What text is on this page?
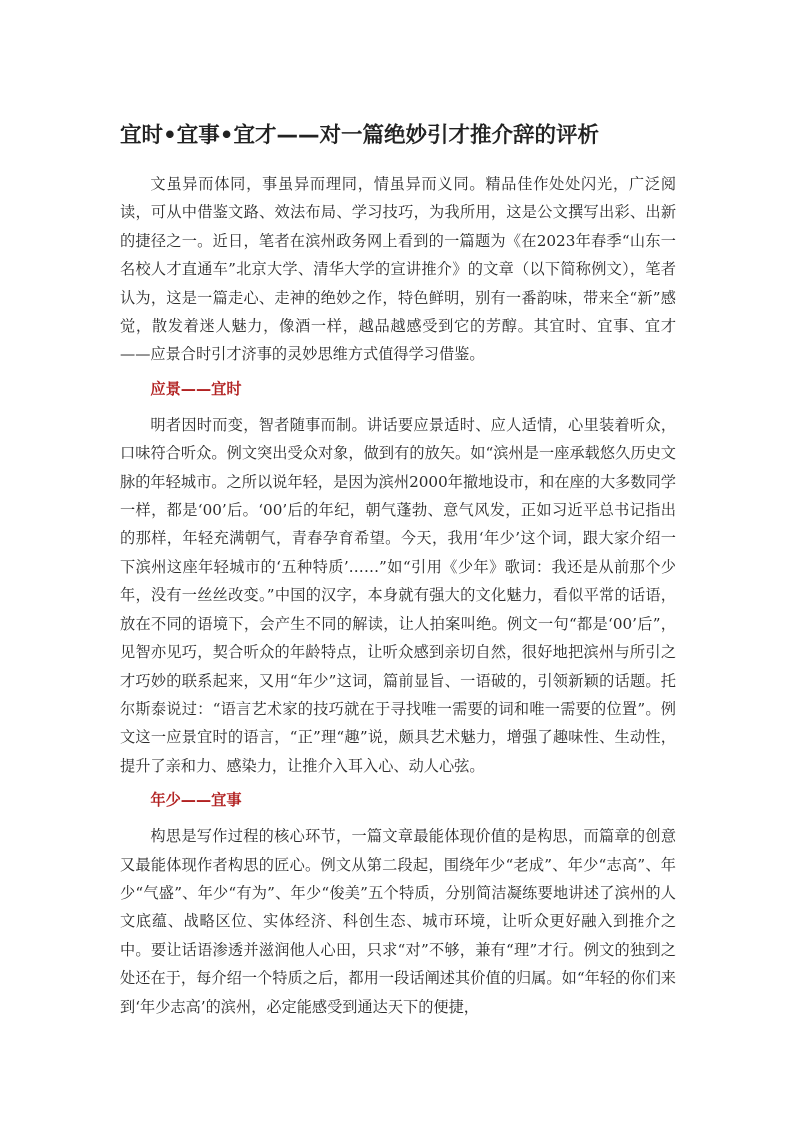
宜时•宜事•宜才——对一篇绝妙引才推介辞的评析

文虽异而体同，事虽异而理同，情虽异而义同。精品佳作处处闪光，广泛阅读，可从中借鉴文路、效法布局、学习技巧，为我所用，这是公文撰写出彩、出新的捷径之一。近日，笔者在滨州政务网上看到的一篇题为《在2023年春季“山东一名校人才直通车”北京大学、清华大学的宣讲推介》的文章（以下简称例文），笔者认为，这是一篇走心、走神的绝妙之作，特色鲜明，别有一番韵味，带来全“新”感觉，散发着迷人魅力，像酒一样，越品越感受到它的芳醇。其宜时、宜事、宜才——应景合时引才济事的灵妙思维方式值得学习借鉴。

应景——宜时

明者因时而变，智者随事而制。讲话要应景适时、应人适情，心里装着听众，口味符合听众。例文突出受众对象，做到有的放矢。如“滨州是一座承载悠久历史文脉的年轻城市。之所以说年轻，是因为滨州2000年撤地设市，和在座的大多数同学一样，都是‘00’后。‘00’后的年纪，朝气蓬勃、意气风发，正如习近平总书记指出的那样，年轻充满朝气，青春孕育希望。今天，我用‘年少’这个词，跟大家介绍一下滨州这座年轻城市的‘五种特质’……”如“引用《少年》歌词：我还是从前那个少年，没有一丝丝改变。”中国的汉字，本身就有强大的文化魅力，看似平常的话语，放在不同的语境下，会产生不同的解读，让人拍案叫绝。例文一句“都是‘00’后”，见智亦见巧，契合听众的年龄特点，让听众感到亲切自然，很好地把滨州与所引之才巧妙的联系起来，又用“年少”这词，篇前显旨、一语破的，引领新颖的话题。托尔斯泰说过：“语言艺术家的技巧就在于寻找唯一需要的词和唯一需要的位置”。例文这一应景宜时的语言，“正”理“趣”说，颇具艺术魅力，增强了趣味性、生动性，提升了亲和力、感染力，让推介入耳入心、动人心弦。

年少——宜事

构思是写作过程的核心环节，一篇文章最能体现价值的是构思，而篇章的创意又最能体现作者构思的匠心。例文从第二段起，围绕年少“老成”、年少“志高”、年少“气盛”、年少“有为”、年少“俊美”五个特质，分别简洁凝练要地讲述了滨州的人文底蕴、战略区位、实体经济、科创生态、城市环境，让听众更好融入到推介之中。要让话语渗透并滋润他人心田，只求“对”不够，兼有“理”才行。例文的独到之处还在于，每介绍一个特质之后，都用一段话阐述其价值的归属。如“年轻的你们来到‘年少志高’的滨州，必定能感受到通达天下的便捷，
